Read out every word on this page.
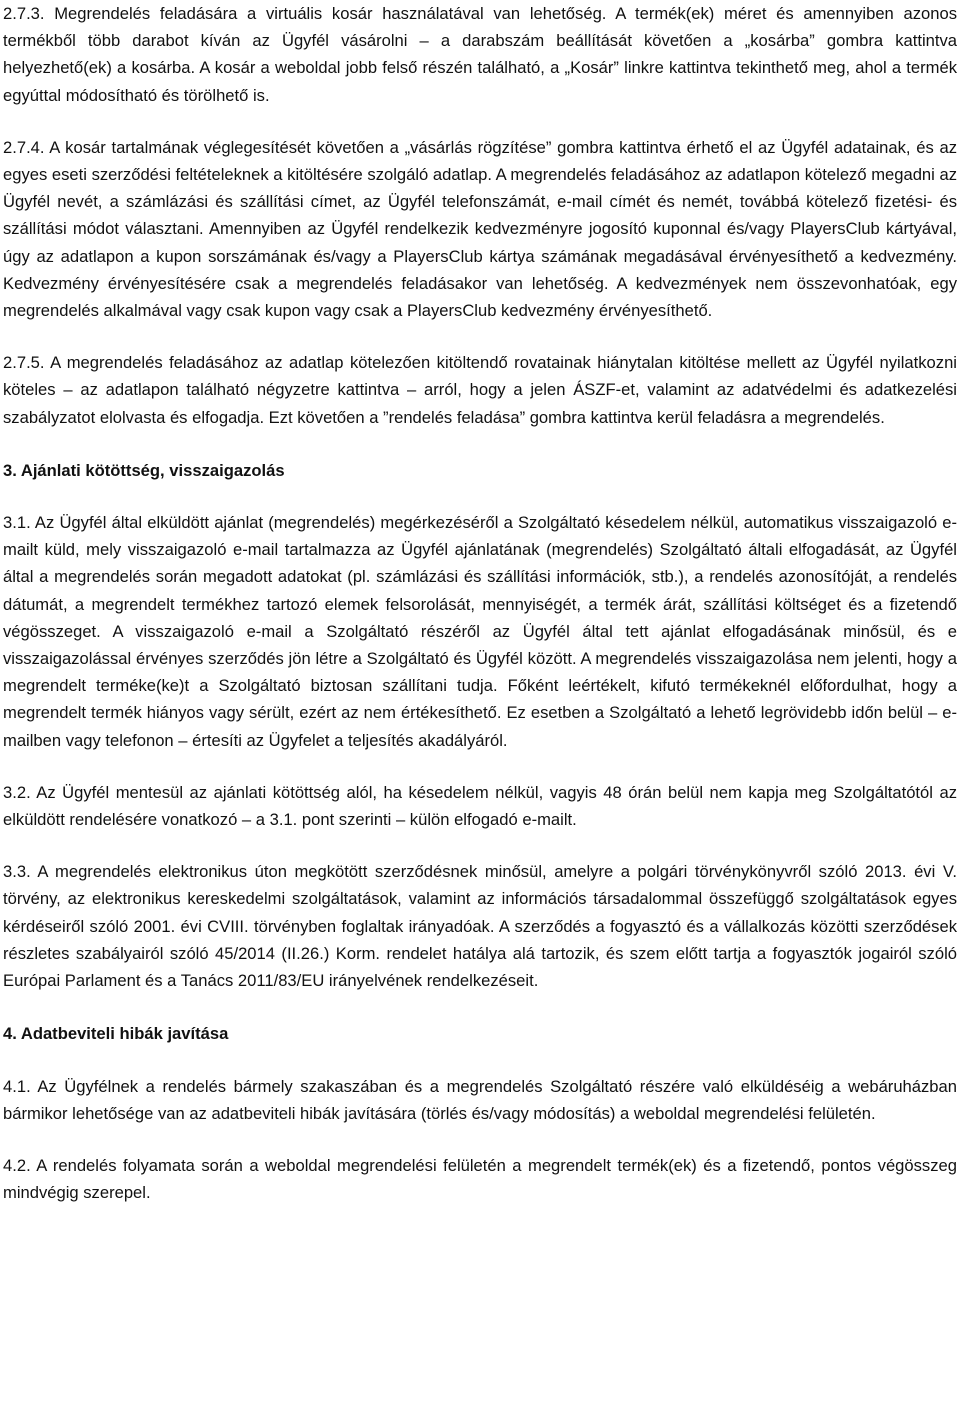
2.7.3. Megrendelés feladására a virtuális kosár használatával van lehetőség. A termék(ek) méret és amennyiben azonos termékből több darabot kíván az Ügyfél vásárolni – a darabszám beállítását követően a „kosárba” gombra kattintva helyezhető(ek) a kosárba. A kosár a weboldal jobb felső részén található, a „Kosár” linkre kattintva tekinthető meg, ahol a termék egyúttal módosítható és törölhető is.

2.7.4. A kosár tartalmának véglegesítését követően a „vásárlás rögzítése” gombra kattintva érhető el az Ügyfél adatainak, és az egyes eseti szerződési feltételeknek a kitöltésére szolgáló adatlap. A megrendelés feladásához az adatlapon kötelező megadni az Ügyfél nevét, a számlázási és szállítási címet, az Ügyfél telefonszámát, e-mail címét és nemét, továbbá kötelező fizetési- és szállítási módot választani. Amennyiben az Ügyfél rendelkezik kedvezményre jogosító kuponnal és/vagy PlayersClub kártyával, úgy az adatlapon a kupon sorszámának és/vagy a PlayersClub kártya számának megadásával érvényesíthető a kedvezmény. Kedvezmény érvényesítésére csak a megrendelés feladásakor van lehetőség. A kedvezmények nem összevonhatóak, egy megrendelés alkalmával vagy csak kupon vagy csak a PlayersClub kedvezmény érvényesíthető.

2.7.5. A megrendelés feladásához az adatlap kötelezően kitöltendő rovatainak hiánytalan kitöltése mellett az Ügyfél nyilatkozni köteles – az adatlapon található négyzetre kattintva – arról, hogy a jelen ÁSZF-et, valamint az adatvédelmi és adatkezelési szabályzatot elolvasta és elfogadja. Ezt követően a ”rendelés feladása” gombra kattintva kerül feladásra a megrendelés.

3. Ajánlati kötöttség, visszaigazolás

3.1. Az Ügyfél által elküldött ajánlat (megrendelés) megérkezéséről a Szolgáltató késedelem nélkül, automatikus visszaigazoló e-mailt küld, mely visszaigazoló e-mail tartalmazza az Ügyfél ajánlatának (megrendelés) Szolgáltató általi elfogadását, az Ügyfél által a megrendelés során megadott adatokat (pl. számlázási és szállítási információk, stb.), a rendelés azonosítóját, a rendelés dátumát, a megrendelt termékhez tartozó elemek felsorolását, mennyiségét, a termék árát, szállítási költséget és a fizetendő végösszeget. A visszaigazoló e-mail a Szolgáltató részéről az Ügyfél által tett ajánlat elfogadásának minősül, és e visszaigazolással érvényes szerződés jön létre a Szolgáltató és Ügyfél között. A megrendelés visszaigazolása nem jelenti, hogy a megrendelt terméke(ke)t a Szolgáltató biztosan szállítani tudja. Főként leértékelt, kifutó termékeknél előfordulhat, hogy a megrendelt termék hiányos vagy sérült, ezért az nem értékesíthető. Ez esetben a Szolgáltató a lehető legrövidebb időn belül – e-mailben vagy telefonon – értesíti az Ügyfelet a teljesítés akadályáról.

3.2. Az Ügyfél mentesül az ajánlati kötöttség alól, ha késedelem nélkül, vagyis 48 órán belül nem kapja meg Szolgáltatótól az elküldött rendelésére vonatkozó – a 3.1. pont szerinti – külön elfogadó e-mailt.

3.3. A megrendelés elektronikus úton megkötött szerződésnek minősül, amelyre a polgári törvénykönyvről szóló 2013. évi V. törvény, az elektronikus kereskedelmi szolgáltatások, valamint az információs társadalommal összefüggő szolgáltatások egyes kérdéseiről szóló 2001. évi CVIII. törvényben foglaltak irányadóak. A szerződés a fogyasztó és a vállalkozás közötti szerződések részletes szabályairól szóló 45/2014 (II.26.) Korm. rendelet hatálya alá tartozik, és szem előtt tartja a fogyasztók jogairól szóló Európai Parlament és a Tanács 2011/83/EU irányelvének rendelkezéseit.

4. Adatbeviteli hibák javítása

4.1. Az Ügyfélnek a rendelés bármely szakaszában és a megrendelés Szolgáltató részére való elküldéséig a webáruházban bármikor lehetősége van az adatbeviteli hibák javítására (törlés és/vagy módosítás) a weboldal megrendelési felületén.

4.2. A rendelés folyamata során a weboldal megrendelési felületén a megrendelt termék(ek) és a fizetendő, pontos végösszeg mindvégig szerepel.
